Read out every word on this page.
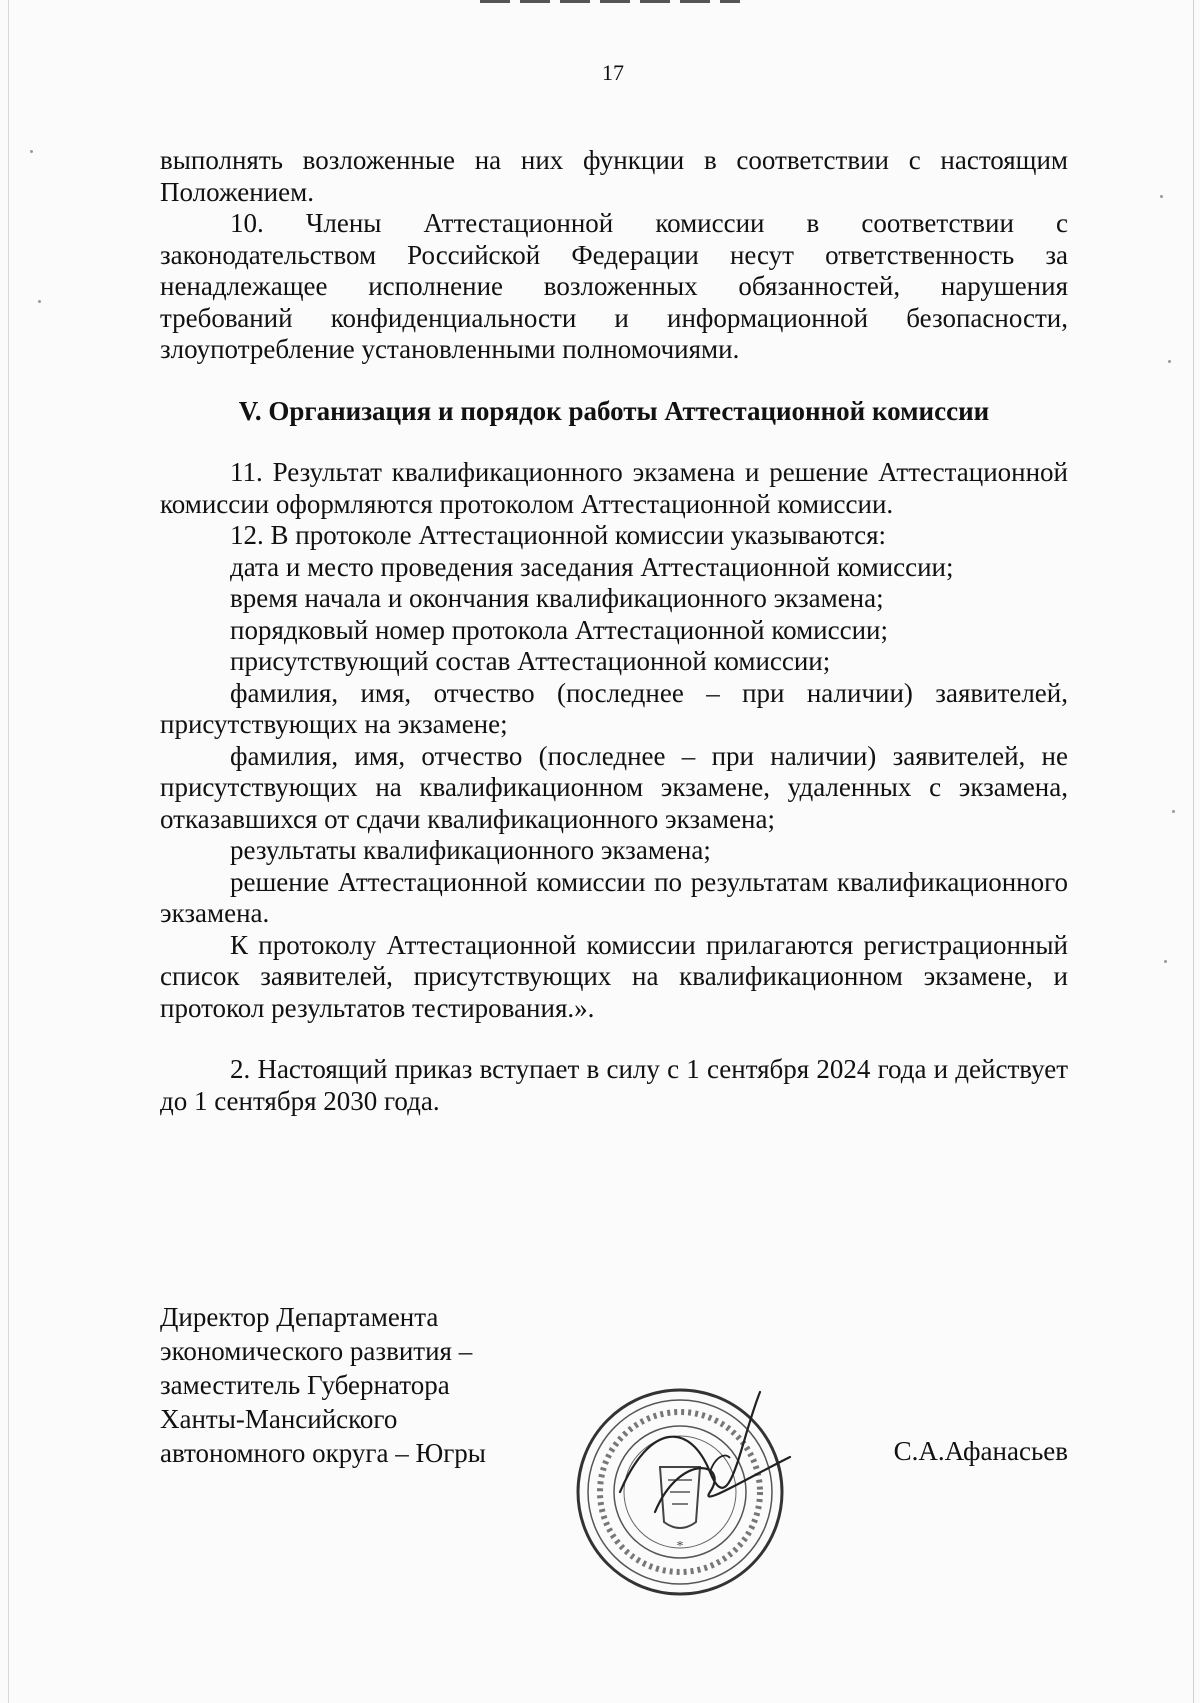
17

выполнять возложенные на них функции в соответствии с настоящим Положением.

10. Члены Аттестационной комиссии в соответствии с законодательством Российской Федерации несут ответственность за ненадлежащее исполнение возложенных обязанностей, нарушения требований конфиденциальности и информационной безопасности, злоупотребление установленными полномочиями.

V. Организация и порядок работы Аттестационной комиссии

11. Результат квалификационного экзамена и решение Аттестационной комиссии оформляются протоколом Аттестационной комиссии.

12. В протоколе Аттестационной комиссии указываются:

дата и место проведения заседания Аттестационной комиссии;

время начала и окончания квалификационного экзамена;

порядковый номер протокола Аттестационной комиссии;

присутствующий состав Аттестационной комиссии;

фамилия, имя, отчество (последнее – при наличии) заявителей, присутствующих на экзамене;

фамилия, имя, отчество (последнее – при наличии) заявителей, не присутствующих на квалификационном экзамене, удаленных с экзамена, отказавшихся от сдачи квалификационного экзамена;

результаты квалификационного экзамена;

решение Аттестационной комиссии по результатам квалификационного экзамена.

К протоколу Аттестационной комиссии прилагаются регистрационный список заявителей, присутствующих на квалификационном экзамене, и протокол результатов тестирования.».

2. Настоящий приказ вступает в силу с 1 сентября 2024 года и действует до 1 сентября 2030 года.

Директор Департамента
экономического развития –
заместитель Губернатора
Ханты-Мансийского
автономного округа – Югры
*
С.А.Афанасьев
